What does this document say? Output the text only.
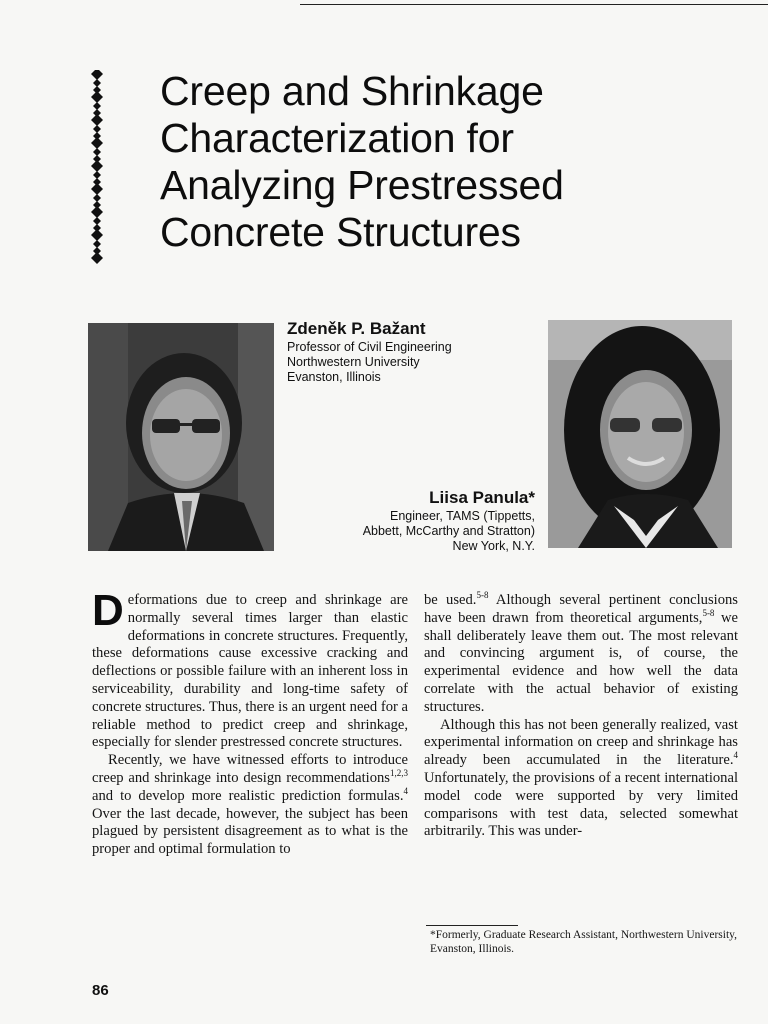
Creep and Shrinkage
Characterization for
Analyzing Prestressed
Concrete Structures
Zdeněk P. Bažant
Professor of Civil Engineering
Northwestern University
Evanston, Illinois
Liisa Panula*
Engineer, TAMS (Tippetts,
Abbett, McCarthy and Stratton)
New York, N.Y.

Deformations due to creep and shrinkage are normally several times larger than elastic deformations in concrete structures. Frequently, these deformations cause excessive cracking and deflections or possible failure with an inherent loss in serviceability, durability and long-time safety of concrete structures. Thus, there is an urgent need for a reliable method to predict creep and shrinkage, especially for slender prestressed concrete structures.

Recently, we have witnessed efforts to introduce creep and shrinkage into design recommendations$^{1,2,3}$ and to develop more realistic prediction formulas.$^4$ Over the last decade, however, the subject has been plagued by persistent disagreement as to what is the proper and optimal formulation to

be used.$^{5-8}$ Although several pertinent conclusions have been drawn from theoretical arguments,$^{5-8}$ we shall deliberately leave them out. The most relevant and convincing argument is, of course, the experimental evidence and how well the data correlate with the actual behavior of existing structures.

Although this has not been generally realized, vast experimental information on creep and shrinkage has already been accumulated in the literature.$^4$ Unfortunately, the provisions of a recent international model code were supported by very limited comparisons with test data, selected somewhat arbitrarily. This was under-

*Formerly, Graduate Research Assistant, Northwestern University, Evanston, Illinois.
86
